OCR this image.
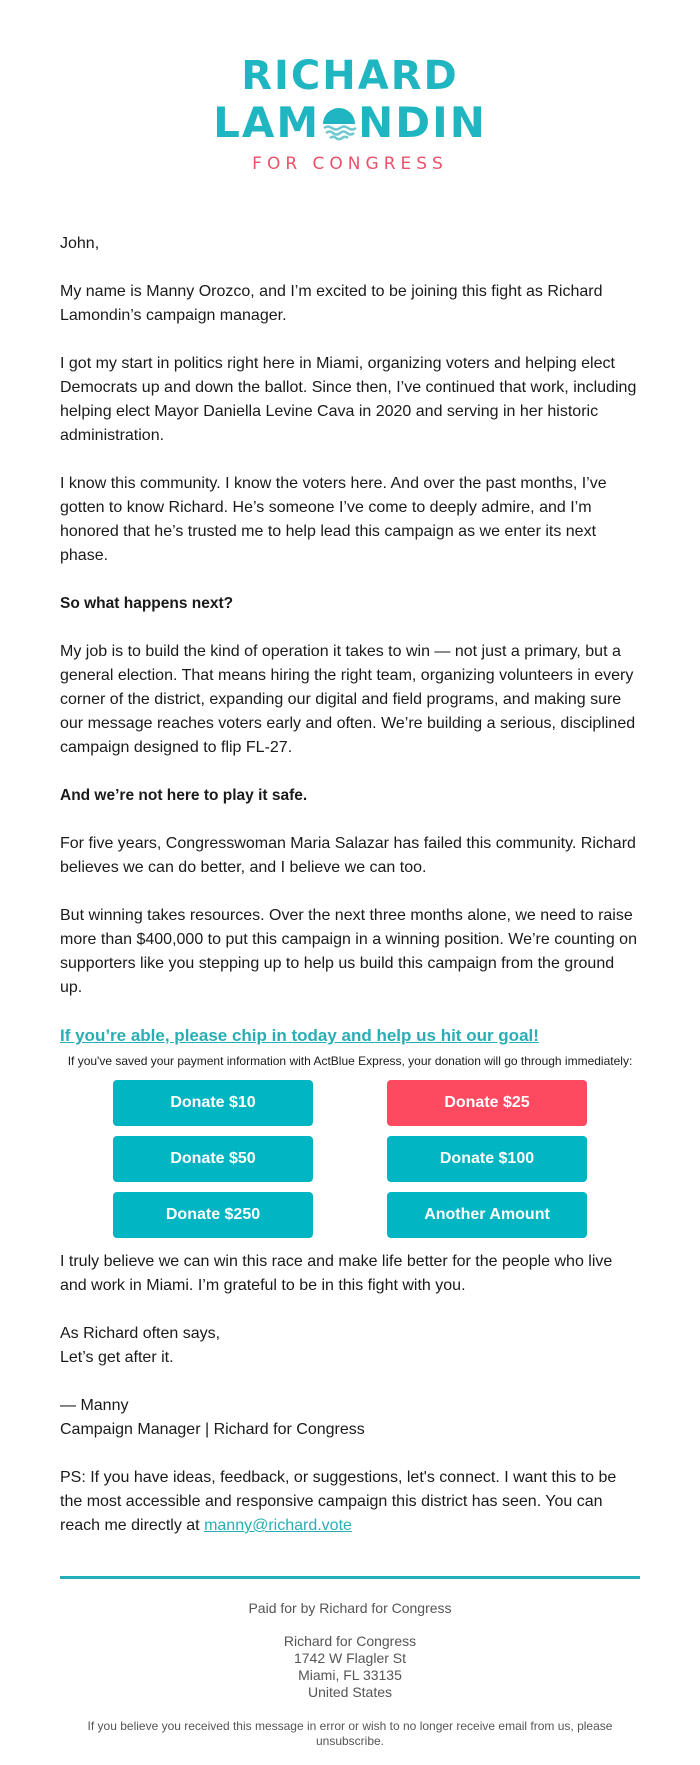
RICHARD
LAM NDIN
FOR CONGRESS

John,

My name is Manny Orozco, and I’m excited to be joining this fight as Richard Lamondin’s campaign manager.

I got my start in politics right here in Miami, organizing voters and helping elect Democrats up and down the ballot. Since then, I’ve continued that work, including helping elect Mayor Daniella Levine Cava in 2020 and serving in her historic administration.

I know this community. I know the voters here. And over the past months, I’ve gotten to know Richard. He’s someone I’ve come to deeply admire, and I’m honored that he’s trusted me to help lead this campaign as we enter its next phase.

So what happens next?

My job is to build the kind of operation it takes to win — not just a primary, but a general election. That means hiring the right team, organizing volunteers in every corner of the district, expanding our digital and field programs, and making sure our message reaches voters early and often. We’re building a serious, disciplined campaign designed to flip FL-27.

And we’re not here to play it safe.

For five years, Congresswoman Maria Salazar has failed this community. Richard believes we can do better, and I believe we can too.

But winning takes resources. Over the next three months alone, we need to raise more than $400,000 to put this campaign in a winning position. We’re counting on supporters like you stepping up to help us build this campaign from the ground up.

If you’re able, please chip in today and help us hit our goal!

If you've saved your payment information with ActBlue Express, your donation will go through immediately:

Donate $10	Donate $25
Donate $50	Donate $100
Donate $250	Another Amount

I truly believe we can win this race and make life better for the people who live and work in Miami. I’m grateful to be in this fight with you.

As Richard often says,
Let’s get after it.

— Manny
Campaign Manager | Richard for Congress

PS: If you have ideas, feedback, or suggestions, let's connect. I want this to be the most accessible and responsive campaign this district has seen. You can reach me directly at manny@richard.vote

Paid for by Richard for Congress

Richard for Congress
1742 W Flagler St
Miami, FL 33135
United States

If you believe you received this message in error or wish to no longer receive email from us, please
unsubscribe.
